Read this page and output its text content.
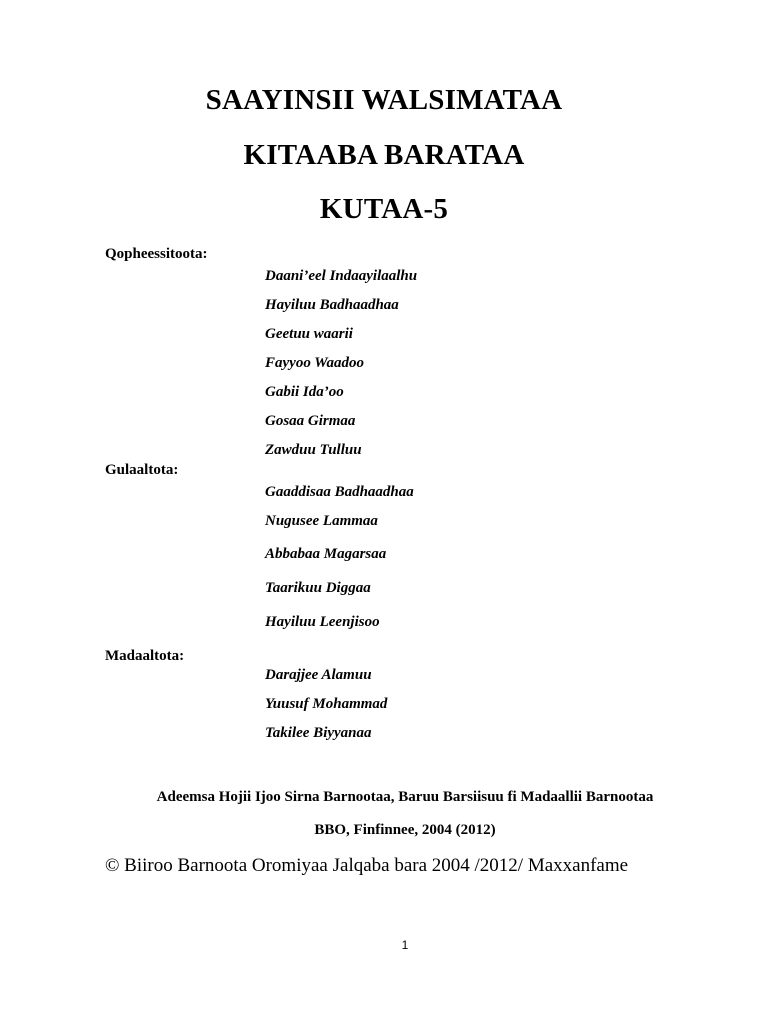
SAAYINSII WALSIMATAA
KITAABA BARATAA
KUTAA-5
Qopheessitoota:
Daani’eel Indaayilaalhu
Hayiluu Badhaadhaa
Geetuu waarii
Fayyoo Waadoo
Gabii Ida’oo
Gosaa Girmaa
Zawduu Tulluu
Gulaaltota:
Gaaddisaa Badhaadhaa
Nugusee Lammaa
Abbabaa Magarsaa
Taarikuu Diggaa
Hayiluu Leenjisoo
Madaaltota:
Darajjee Alamuu
Yuusuf Mohammad
Takilee Biyyanaa
Adeemsa Hojii Ijoo Sirna Barnootaa, Baruu Barsiisuu fi Madaallii Barnootaa
BBO, Finfinnee, 2004 (2012)
© Biiroo Barnoota Oromiyaa Jalqaba bara 2004 /2012/ Maxxanfame
1
